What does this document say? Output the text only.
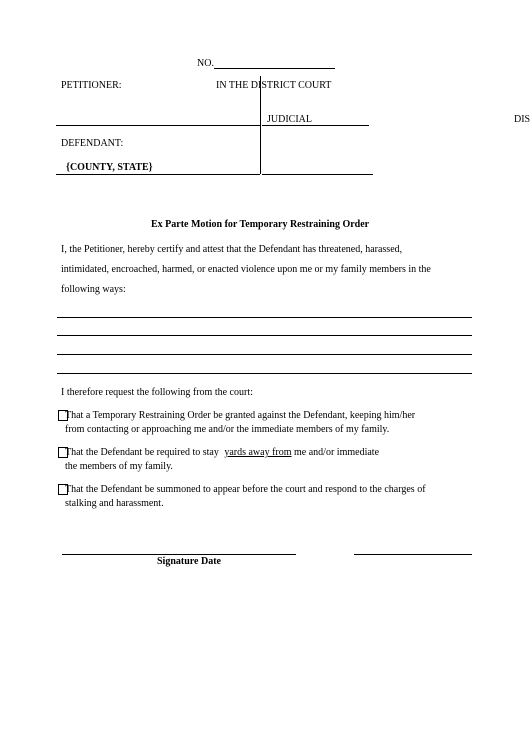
NO.
PETITIONER:	IN THE DISTRICT COURT
JUDICIAL	DIS
DEFENDANT:
{COUNTY, STATE}
Ex Parte Motion for Temporary Restraining Order
I, the Petitioner, hereby certify and attest that the Defendant has threatened, harassed,
intimidated, encroached, harmed, or enacted violence upon me or my family members in the
following ways:
I therefore request the following from the court:
That a Temporary Restraining Order be granted against the Defendant, keeping him/her
from contacting or approaching me and/or the immediate members of my family.
That the Defendant be required to stay yards away from me and/or immediate
the members of my family.
That the Defendant be summoned to appear before the court and respond to the charges of
stalking and harassment.
Signature Date
